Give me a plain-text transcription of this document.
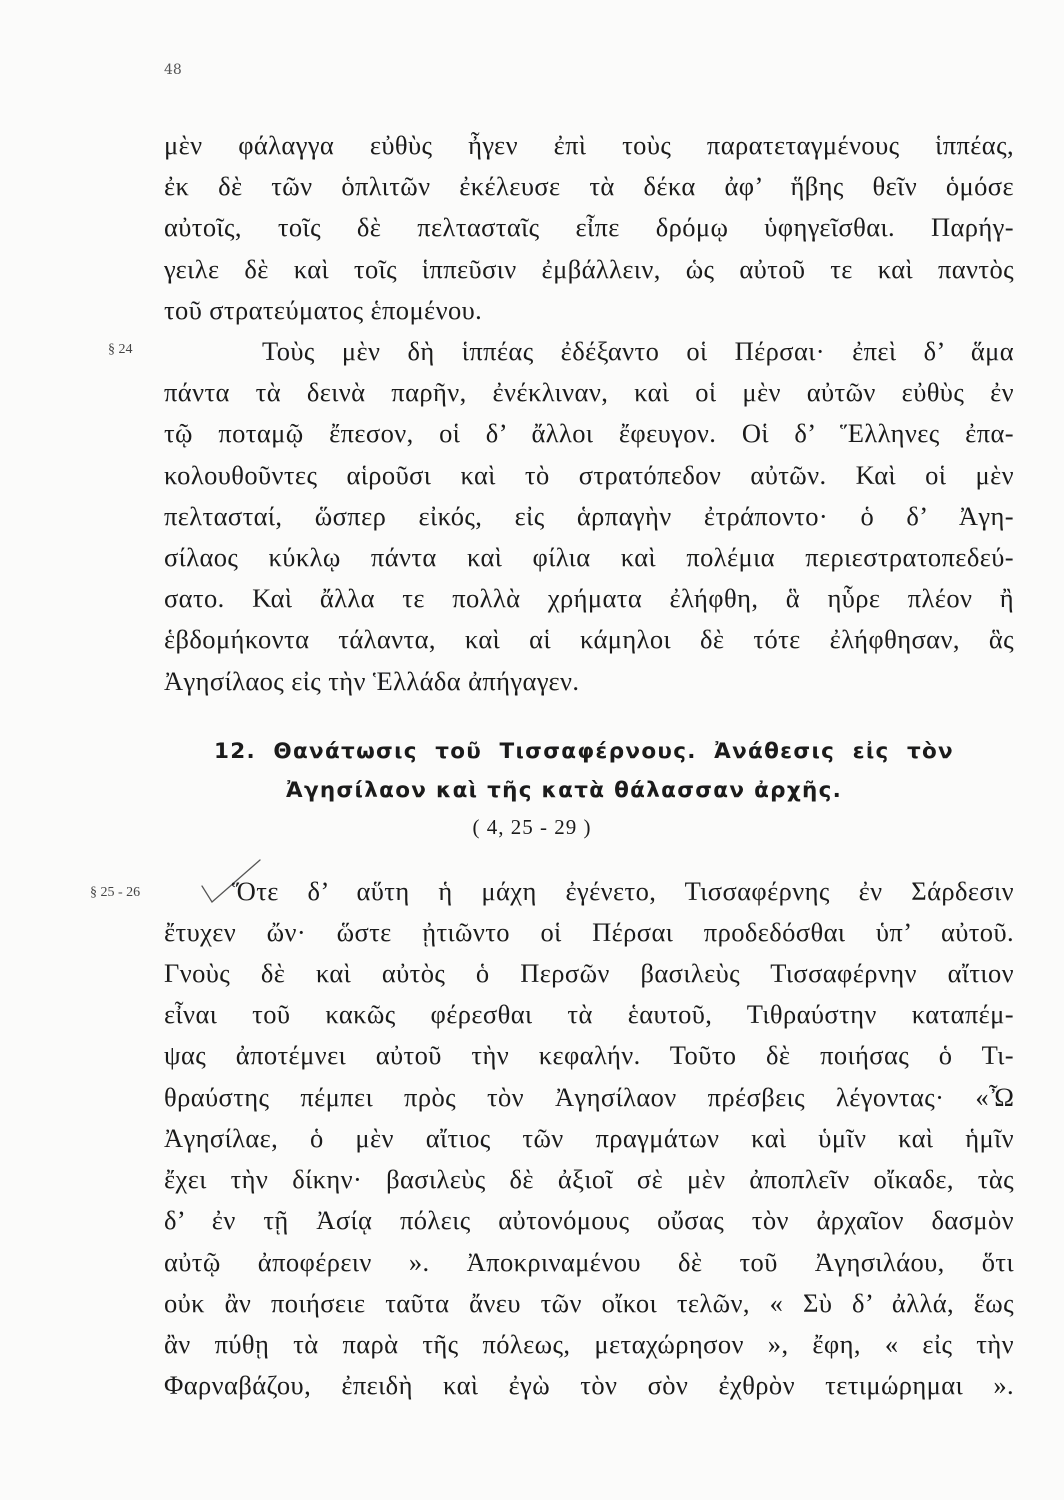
48
μὲν φάλαγγα εὐθὺς ἦγεν ἐπὶ τοὺς παρατεταγμένους ἱππέας,
ἐκ δὲ τῶν ὁπλιτῶν ἐκέλευσε τὰ δέκα ἀφ’ ἥβης θεῖν ὁμόσε
αὐτοῖς, τοῖς δὲ πελτασταῖς εἶπε δρόμῳ ὑφηγεῖσθαι. Παρήγ-
γειλε δὲ καὶ τοῖς ἱππεῦσιν ἐμβάλλειν, ὡς αὐτοῦ τε καὶ παντὸς
τοῦ στρατεύματος ἑπομένου.
§ 24	Τοὺς μὲν δὴ ἱππέας ἐδέξαντο οἱ Πέρσαι· ἐπεὶ δ’ ἅμα
πάντα τὰ δεινὰ παρῆν, ἐνέκλιναν, καὶ οἱ μὲν αὐτῶν εὐθὺς ἐν
τῷ ποταμῷ ἔπεσον, οἱ δ’ ἄλλοι ἔφευγον. Οἱ δ’ Ἕλληνες ἐπα-
κολουθοῦντες αἱροῦσι καὶ τὸ στρατόπεδον αὐτῶν. Καὶ οἱ μὲν
πελτασταί, ὥσπερ εἰκός, εἰς ἁρπαγὴν ἐτράποντο· ὁ δ’ Ἀγη-
σίλαος κύκλῳ πάντα καὶ φίλια καὶ πολέμια περιεστρατοπεδεύ-
σατο. Καὶ ἄλλα τε πολλὰ χρήματα ἐλήφθη, ἃ ηὗρε πλέον ἢ
ἑβδομήκοντα τάλαντα, καὶ αἱ κάμηλοι δὲ τότε ἐλήφθησαν, ἃς
Ἀγησίλαος εἰς τὴν Ἑλλάδα ἀπήγαγεν.
12. Θανάτωσις τοῦ Τισσαφέρνους. Ἀνάθεσις εἰς τὸν
Ἀγησίλαον καὶ τῆς κατὰ θάλασσαν ἀρχῆς.
( 4, 25 - 29 )
§ 25 - 26	Ὅτε δ’ αὕτη ἡ μάχη ἐγένετο, Τισσαφέρνης ἐν Σάρδεσιν
ἔτυχεν ὤν· ὥστε ᾐτιῶντο οἱ Πέρσαι προδεδόσθαι ὑπ’ αὐτοῦ.
Γνοὺς δὲ καὶ αὐτὸς ὁ Περσῶν βασιλεὺς Τισσαφέρνην αἴτιον
εἶναι τοῦ κακῶς φέρεσθαι τὰ ἑαυτοῦ, Τιθραύστην καταπέμ-
ψας ἀποτέμνει αὐτοῦ τὴν κεφαλήν. Τοῦτο δὲ ποιήσας ὁ Τι-
θραύστης πέμπει πρὸς τὸν Ἀγησίλαον πρέσβεις λέγοντας· «Ὦ
Ἀγησίλαε, ὁ μὲν αἴτιος τῶν πραγμάτων καὶ ὑμῖν καὶ ἡμῖν
ἔχει τὴν δίκην· βασιλεὺς δὲ ἀξιοῖ σὲ μὲν ἀποπλεῖν οἴκαδε, τὰς
δ’ ἐν τῇ Ἀσίᾳ πόλεις αὐτονόμους οὔσας τὸν ἀρχαῖον δασμὸν
αὐτῷ ἀποφέρειν ». Ἀποκριναμένου δὲ τοῦ Ἀγησιλάου, ὅτι
οὐκ ἂν ποιήσειε ταῦτα ἄνευ τῶν οἴκοι τελῶν, « Σὺ δ’ ἀλλά, ἕως
ἂν πύθῃ τὰ παρὰ τῆς πόλεως, μεταχώρησον », ἔφη, « εἰς τὴν
Φαρναβάζου, ἐπειδὴ καὶ ἐγὼ τὸν σὸν ἐχθρὸν τετιμώρημαι ».
